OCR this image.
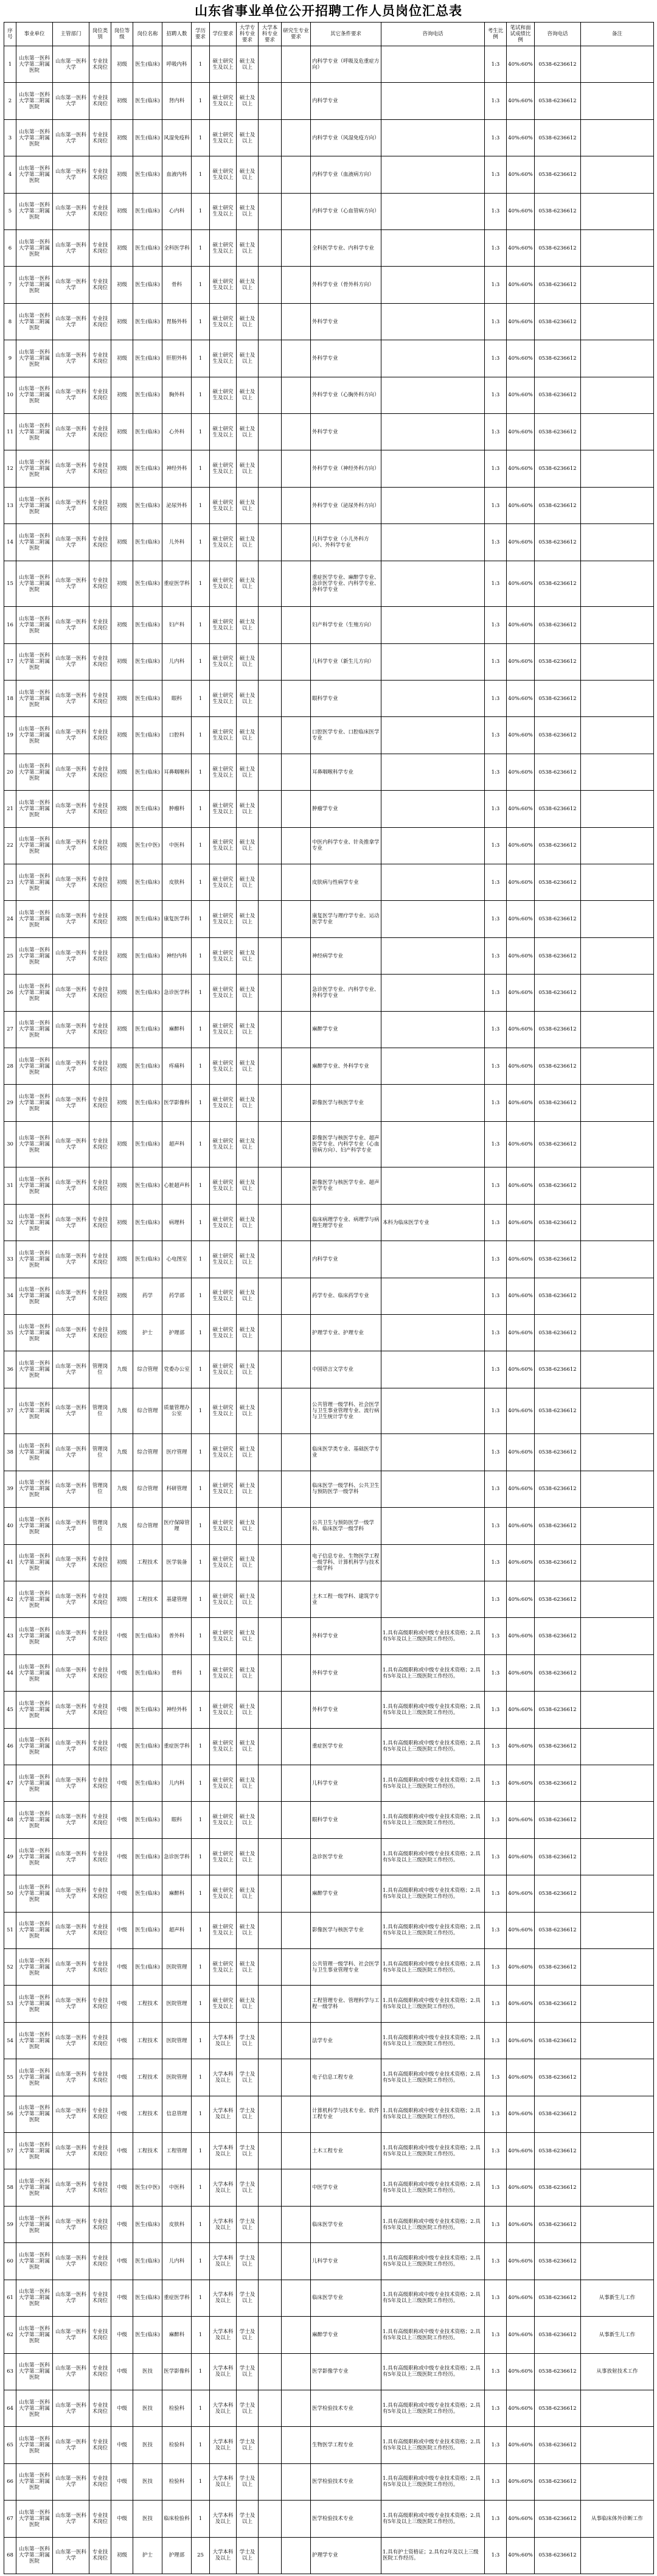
山东省事业单位公开招聘工作人员岗位汇总表
序号	事业单位	主管部门	岗位类别	岗位等级	岗位名称	招聘人数	学历要求	学位要求	大学专科专业要求	大学本科专业要求	研究生专业要求	其它条件要求	咨询电话	考生比例	笔试和面试成绩比例	咨询电话	备注
1	山东第一医科大学第二附属医院	山东第一医科大学	专业技术岗位	初级	医生(临床)	呼吸内科	1	硕士研究生及以上	硕士及以上			内科学专业（呼吸及危重症方向）		1:3	40%:60%	0538-6236612	
2	山东第一医科大学第二附属医院	山东第一医科大学	专业技术岗位	初级	医生(临床)	肾内科	1	硕士研究生及以上	硕士及以上			内科学专业		1:3	40%:60%	0538-6236612	
3	山东第一医科大学第二附属医院	山东第一医科大学	专业技术岗位	初级	医生(临床)	风湿免疫科	1	硕士研究生及以上	硕士及以上			内科学专业（风湿免疫方向）		1:3	40%:60%	0538-6236612	
4	山东第一医科大学第二附属医院	山东第一医科大学	专业技术岗位	初级	医生(临床)	血液内科	1	硕士研究生及以上	硕士及以上			内科学专业（血液病方向）		1:3	40%:60%	0538-6236612	
5	山东第一医科大学第二附属医院	山东第一医科大学	专业技术岗位	初级	医生(临床)	心内科	1	硕士研究生及以上	硕士及以上			内科学专业（心血管病方向）		1:3	40%:60%	0538-6236612	
6	山东第一医科大学第二附属医院	山东第一医科大学	专业技术岗位	初级	医生(临床)	全科医学科	1	硕士研究生及以上	硕士及以上			全科医学专业、内科学专业		1:3	40%:60%	0538-6236612	
7	山东第一医科大学第二附属医院	山东第一医科大学	专业技术岗位	初级	医生(临床)	骨科	1	硕士研究生及以上	硕士及以上			外科学专业（骨外科方向）		1:3	40%:60%	0538-6236612	
8	山东第一医科大学第二附属医院	山东第一医科大学	专业技术岗位	初级	医生(临床)	胃肠外科	1	硕士研究生及以上	硕士及以上			外科学专业		1:3	40%:60%	0538-6236612	
9	山东第一医科大学第二附属医院	山东第一医科大学	专业技术岗位	初级	医生(临床)	肝胆外科	1	硕士研究生及以上	硕士及以上			外科学专业		1:3	40%:60%	0538-6236612	
10	山东第一医科大学第二附属医院	山东第一医科大学	专业技术岗位	初级	医生(临床)	胸外科	1	硕士研究生及以上	硕士及以上			外科学专业（心胸外科方向）		1:3	40%:60%	0538-6236612	
11	山东第一医科大学第二附属医院	山东第一医科大学	专业技术岗位	初级	医生(临床)	心外科	1	硕士研究生及以上	硕士及以上			外科学专业		1:3	40%:60%	0538-6236612	
12	山东第一医科大学第二附属医院	山东第一医科大学	专业技术岗位	初级	医生(临床)	神经外科	1	硕士研究生及以上	硕士及以上			外科学专业（神经外科方向）		1:3	40%:60%	0538-6236612	
13	山东第一医科大学第二附属医院	山东第一医科大学	专业技术岗位	初级	医生(临床)	泌尿外科	1	硕士研究生及以上	硕士及以上			外科学专业（泌尿外科方向）		1:3	40%:60%	0538-6236612	
14	山东第一医科大学第二附属医院	山东第一医科大学	专业技术岗位	初级	医生(临床)	儿外科	1	硕士研究生及以上	硕士及以上			儿科学专业（小儿外科方向）、外科学专业		1:3	40%:60%	0538-6236612	
15	山东第一医科大学第二附属医院	山东第一医科大学	专业技术岗位	初级	医生(临床)	重症医学科	1	硕士研究生及以上	硕士及以上			重症医学专业、麻醉学专业、急诊医学专业、内科学专业、外科学专业		1:3	40%:60%	0538-6236612	
16	山东第一医科大学第二附属医院	山东第一医科大学	专业技术岗位	初级	医生(临床)	妇产科	1	硕士研究生及以上	硕士及以上			妇产科学专业（生殖方向）		1:3	40%:60%	0538-6236612	
17	山东第一医科大学第二附属医院	山东第一医科大学	专业技术岗位	初级	医生(临床)	儿内科	1	硕士研究生及以上	硕士及以上			儿科学专业（新生儿方向）		1:3	40%:60%	0538-6236612	
18	山东第一医科大学第二附属医院	山东第一医科大学	专业技术岗位	初级	医生(临床)	眼科	1	硕士研究生及以上	硕士及以上			眼科学专业		1:3	40%:60%	0538-6236612	
19	山东第一医科大学第二附属医院	山东第一医科大学	专业技术岗位	初级	医生(临床)	口腔科	1	硕士研究生及以上	硕士及以上			口腔医学专业、口腔临床医学专业		1:3	40%:60%	0538-6236612	
20	山东第一医科大学第二附属医院	山东第一医科大学	专业技术岗位	初级	医生(临床)	耳鼻咽喉科	1	硕士研究生及以上	硕士及以上			耳鼻咽喉科学专业		1:3	40%:60%	0538-6236612	
21	山东第一医科大学第二附属医院	山东第一医科大学	专业技术岗位	初级	医生(临床)	肿瘤科	1	硕士研究生及以上	硕士及以上			肿瘤学专业		1:3	40%:60%	0538-6236612	
22	山东第一医科大学第二附属医院	山东第一医科大学	专业技术岗位	初级	医生(中医)	中医科	1	硕士研究生及以上	硕士及以上			中医内科学专业、针灸推拿学专业		1:3	40%:60%	0538-6236612	
23	山东第一医科大学第二附属医院	山东第一医科大学	专业技术岗位	初级	医生(临床)	皮肤科	1	硕士研究生及以上	硕士及以上			皮肤病与性病学专业		1:3	40%:60%	0538-6236612	
24	山东第一医科大学第二附属医院	山东第一医科大学	专业技术岗位	初级	医生(临床)	康复医学科	1	硕士研究生及以上	硕士及以上			康复医学与理疗学专业、运动医学专业		1:3	40%:60%	0538-6236612	
25	山东第一医科大学第二附属医院	山东第一医科大学	专业技术岗位	初级	医生(临床)	神经内科	1	硕士研究生及以上	硕士及以上			神经病学专业		1:3	40%:60%	0538-6236612	
26	山东第一医科大学第二附属医院	山东第一医科大学	专业技术岗位	初级	医生(临床)	急诊医学科	1	硕士研究生及以上	硕士及以上			急诊医学专业、内科学专业、外科学专业		1:3	40%:60%	0538-6236612	
27	山东第一医科大学第二附属医院	山东第一医科大学	专业技术岗位	初级	医生(临床)	麻醉科	1	硕士研究生及以上	硕士及以上			麻醉学专业		1:3	40%:60%	0538-6236612	
28	山东第一医科大学第二附属医院	山东第一医科大学	专业技术岗位	初级	医生(临床)	疼痛科	1	硕士研究生及以上	硕士及以上			麻醉学专业、外科学专业		1:3	40%:60%	0538-6236612	
29	山东第一医科大学第二附属医院	山东第一医科大学	专业技术岗位	初级	医生(临床)	医学影像科	1	硕士研究生及以上	硕士及以上			影像医学与核医学专业		1:3	40%:60%	0538-6236612	
30	山东第一医科大学第二附属医院	山东第一医科大学	专业技术岗位	初级	医生(临床)	超声科	1	硕士研究生及以上	硕士及以上			影像医学与核医学专业、超声医学专业、内科学专业（心血管病方向）、妇产科学专业		1:3	40%:60%	0538-6236612	
31	山东第一医科大学第二附属医院	山东第一医科大学	专业技术岗位	初级	医生(临床)	心脏超声科	1	硕士研究生及以上	硕士及以上			影像医学与核医学专业、超声医学专业		1:3	40%:60%	0538-6236612	
32	山东第一医科大学第二附属医院	山东第一医科大学	专业技术岗位	初级	医生(临床)	病理科	1	硕士研究生及以上	硕士及以上			临床病理学专业、病理学与病理生理学专业	本科为临床医学专业	1:3	40%:60%	0538-6236612	
33	山东第一医科大学第二附属医院	山东第一医科大学	专业技术岗位	初级	医生(临床)	心电图室	1	硕士研究生及以上	硕士及以上			内科学专业		1:3	40%:60%	0538-6236612	
34	山东第一医科大学第二附属医院	山东第一医科大学	专业技术岗位	初级	药学	药学部	1	硕士研究生及以上	硕士及以上			药学专业、临床药学专业		1:3	40%:60%	0538-6236612	
35	山东第一医科大学第二附属医院	山东第一医科大学	专业技术岗位	初级	护士	护理部	1	硕士研究生及以上	硕士及以上			护理学专业、护理专业		1:3	40%:60%	0538-6236612	
36	山东第一医科大学第二附属医院	山东第一医科大学	管理岗位	九级	综合管理	党委办公室	1	硕士研究生及以上	硕士及以上			中国语言文学专业		1:3	40%:60%	0538-6236612	
37	山东第一医科大学第二附属医院	山东第一医科大学	管理岗位	九级	综合管理	质量管理办公室	1	硕士研究生及以上	硕士及以上			公共管理一级学科、社会医学与卫生事业管理专业、流行病与卫生统计学专业		1:3	40%:60%	0538-6236612	
38	山东第一医科大学第二附属医院	山东第一医科大学	管理岗位	九级	综合管理	医疗管理	1	硕士研究生及以上	硕士及以上			临床医学类专业、基础医学专业		1:3	40%:60%	0538-6236612	
39	山东第一医科大学第二附属医院	山东第一医科大学	管理岗位	九级	综合管理	科研管理	1	硕士研究生及以上	硕士及以上			临床医学一级学科、公共卫生与预防医学一级学科		1:3	40%:60%	0538-6236612	
40	山东第一医科大学第二附属医院	山东第一医科大学	管理岗位	九级	综合管理	医疗保障管理	1	硕士研究生及以上	硕士及以上			公共卫生与预防医学一级学科、临床医学一级学科		1:3	40%:60%	0538-6236612	
41	山东第一医科大学第二附属医院	山东第一医科大学	专业技术岗位	初级	工程技术	医学装备	1	硕士研究生及以上	硕士及以上			电子信息专业、生物医学工程一级学科、计算机科学与技术一级学科		1:3	40%:60%	0538-6236612	
42	山东第一医科大学第二附属医院	山东第一医科大学	专业技术岗位	初级	工程技术	基建管理	1	硕士研究生及以上	硕士及以上			土木工程一级学科、建筑学专业		1:3	40%:60%	0538-6236612	
43	山东第一医科大学第二附属医院	山东第一医科大学	专业技术岗位	中级	医生(临床)	普外科	1	硕士研究生及以上	硕士及以上			外科学专业	1.具有高级职称或中级专业技术资格；2.具有5年及以上三级医院工作经历。	1:3	40%:60%	0538-6236612	
44	山东第一医科大学第二附属医院	山东第一医科大学	专业技术岗位	中级	医生(临床)	骨科	1	硕士研究生及以上	硕士及以上			外科学专业	1.具有高级职称或中级专业技术资格；2.具有5年及以上三级医院工作经历。	1:3	40%:60%	0538-6236612	
45	山东第一医科大学第二附属医院	山东第一医科大学	专业技术岗位	中级	医生(临床)	神经外科	1	硕士研究生及以上	硕士及以上			外科学专业	1.具有高级职称或中级专业技术资格；2.具有5年及以上三级医院工作经历。	1:3	40%:60%	0538-6236612	
46	山东第一医科大学第二附属医院	山东第一医科大学	专业技术岗位	中级	医生(临床)	重症医学科	1	硕士研究生及以上	硕士及以上			重症医学专业	1.具有高级职称或中级专业技术资格；2.具有5年及以上三级医院工作经历。	1:3	40%:60%	0538-6236612	
47	山东第一医科大学第二附属医院	山东第一医科大学	专业技术岗位	中级	医生(临床)	儿内科	1	硕士研究生及以上	硕士及以上			儿科学专业	1.具有高级职称或中级专业技术资格；2.具有5年及以上三级医院工作经历。	1:3	40%:60%	0538-6236612	
48	山东第一医科大学第二附属医院	山东第一医科大学	专业技术岗位	中级	医生(临床)	眼科	1	硕士研究生及以上	硕士及以上			眼科学专业	1.具有高级职称或中级专业技术资格；2.具有5年及以上三级医院工作经历。	1:3	40%:60%	0538-6236612	
49	山东第一医科大学第二附属医院	山东第一医科大学	专业技术岗位	中级	医生(临床)	急诊医学科	1	硕士研究生及以上	硕士及以上			急诊医学专业	1.具有高级职称或中级专业技术资格；2.具有5年及以上三级医院工作经历。	1:3	40%:60%	0538-6236612	
50	山东第一医科大学第二附属医院	山东第一医科大学	专业技术岗位	中级	医生(临床)	麻醉科	1	硕士研究生及以上	硕士及以上			麻醉学专业	1.具有高级职称或中级专业技术资格；2.具有5年及以上三级医院工作经历。	1:3	40%:60%	0538-6236612	
51	山东第一医科大学第二附属医院	山东第一医科大学	专业技术岗位	中级	医生(临床)	超声科	1	硕士研究生及以上	硕士及以上			影像医学与核医学专业	1.具有高级职称或中级专业技术资格；2.具有5年及以上三级医院工作经历。	1:3	40%:60%	0538-6236612	
52	山东第一医科大学第二附属医院	山东第一医科大学	专业技术岗位	中级	医生(临床)	医院管理	1	硕士研究生及以上	硕士及以上			公共管理一级学科、社会医学与卫生事业管理专业	1.具有高级职称或中级专业技术资格；2.具有5年及以上三级医院工作经历。	1:3	40%:60%	0538-6236612	
53	山东第一医科大学第二附属医院	山东第一医科大学	专业技术岗位	中级	工程技术	医院管理	1	硕士研究生及以上	硕士及以上			工程管理专业、管理科学与工程一级学科	1.具有高级职称或中级专业技术资格；2.具有5年及以上三级医院工作经历。	1:3	40%:60%	0538-6236612	
54	山东第一医科大学第二附属医院	山东第一医科大学	专业技术岗位	中级	工程技术	医院管理	1	大学本科及以上	学士及以上			法学专业	1.具有高级职称或中级专业技术资格；2.具有5年及以上三级医院工作经历。	1:3	40%:60%	0538-6236612	
55	山东第一医科大学第二附属医院	山东第一医科大学	专业技术岗位	中级	工程技术	医院管理	1	大学本科及以上	学士及以上			电子信息工程专业	1.具有高级职称或中级专业技术资格；2.具有5年及以上三级医院工作经历。	1:3	40%:60%	0538-6236612	
56	山东第一医科大学第二附属医院	山东第一医科大学	专业技术岗位	中级	工程技术	信息管理	1	大学本科及以上	学士及以上			计算机科学与技术专业、软件工程专业	1.具有高级职称或中级专业技术资格；2.具有5年及以上三级医院工作经历。	1:3	40%:60%	0538-6236612	
57	山东第一医科大学第二附属医院	山东第一医科大学	专业技术岗位	中级	工程技术	工程管理	1	大学本科及以上	学士及以上			土木工程专业	1.具有高级职称或中级专业技术资格；2.具有5年及以上三级医院工作经历。	1:3	40%:60%	0538-6236612	
58	山东第一医科大学第二附属医院	山东第一医科大学	专业技术岗位	中级	医生(中医)	中医科	1	大学本科及以上	学士及以上			中医学专业	1.具有高级职称或中级专业技术资格；2.具有5年及以上三级医院工作经历。	1:3	40%:60%	0538-6236612	
59	山东第一医科大学第二附属医院	山东第一医科大学	专业技术岗位	中级	医生(临床)	皮肤科	1	大学本科及以上	学士及以上			临床医学专业	1.具有高级职称或中级专业技术资格；2.具有5年及以上三级医院工作经历。	1:3	40%:60%	0538-6236612	
60	山东第一医科大学第二附属医院	山东第一医科大学	专业技术岗位	中级	医生(临床)	儿内科	1	大学本科及以上	学士及以上			儿科学专业	1.具有高级职称或中级专业技术资格；2.具有5年及以上三级医院工作经历。	1:3	40%:60%	0538-6236612	
61	山东第一医科大学第二附属医院	山东第一医科大学	专业技术岗位	中级	医生(临床)	重症医学科	1	大学本科及以上	学士及以上			临床医学专业	1.具有高级职称或中级专业技术资格；2.具有5年及以上三级医院工作经历。	1:3	40%:60%	0538-6236612	从事新生儿工作
62	山东第一医科大学第二附属医院	山东第一医科大学	专业技术岗位	中级	医生(临床)	麻醉科	1	大学本科及以上	学士及以上			麻醉学专业	1.具有高级职称或中级专业技术资格；2.具有5年及以上三级医院工作经历。	1:3	40%:60%	0538-6236612	从事新生儿工作
63	山东第一医科大学第二附属医院	山东第一医科大学	专业技术岗位	中级	医技	医学影像科	1	大学本科及以上	学士及以上			医学影像学专业	1.具有高级职称或中级专业技术资格；2.具有5年及以上三级医院工作经历。	1:3	40%:60%	0538-6236612	从事放射技术工作
64	山东第一医科大学第二附属医院	山东第一医科大学	专业技术岗位	中级	医技	检验科	1	大学本科及以上	学士及以上			医学检验技术专业	1.具有高级职称或中级专业技术资格；2.具有5年及以上三级医院工作经历。	1:3	40%:60%	0538-6236612	
65	山东第一医科大学第二附属医院	山东第一医科大学	专业技术岗位	中级	医技	检验科	1	大学本科及以上	学士及以上			生物医学工程专业	1.具有高级职称或中级专业技术资格；2.具有5年及以上三级医院工作经历。	1:3	40%:60%	0538-6236612	
66	山东第一医科大学第二附属医院	山东第一医科大学	专业技术岗位	中级	医技	检验科	1	大学本科及以上	学士及以上			医学检验技术专业	1.具有高级职称或中级专业技术资格；2.具有5年及以上三级医院工作经历。	1:3	40%:60%	0538-6236612	
67	山东第一医科大学第二附属医院	山东第一医科大学	专业技术岗位	中级	医技	临床检验科	1	大学本科及以上	学士及以上			医学检验技术专业	1.具有高级职称或中级专业技术资格；2.具有5年及以上三级医院工作经历。	1:3	40%:60%	0538-6236612	从事临床体外诊断工作
68	山东第一医科大学第二附属医院	山东第一医科大学	专业技术岗位	初级	护士	护理部	25	大学本科及以上	学士及以上			护理学专业	1.具有护士资格证；2.具有2年及以上三级医院工作经历。	1:3	40%:60%	0538-6236612	
